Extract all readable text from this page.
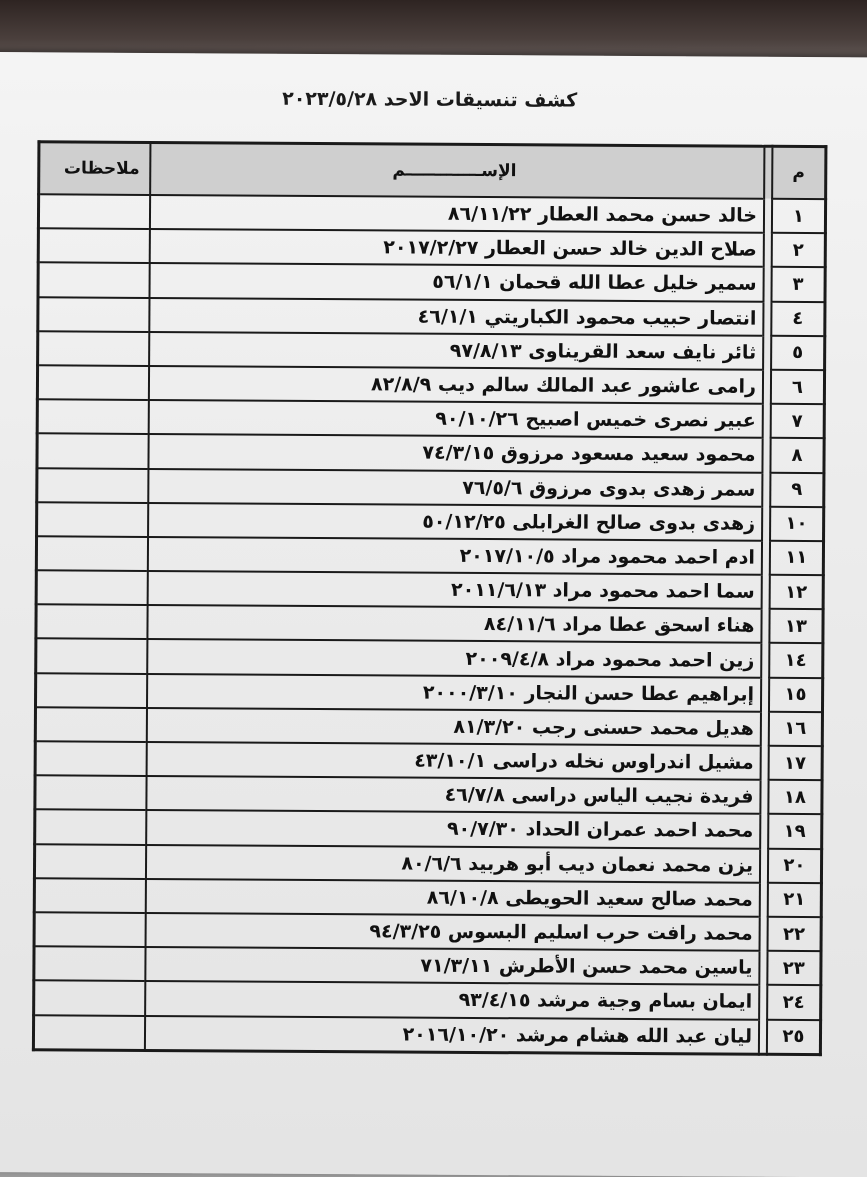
كشف تنسيقات الاحد ٢٠٢٣/٥/٢٨
م		الإســـــــــــــم	ملاحظات
١		خالد حسن محمد العطار ٨٦/١١/٢٢	
٢		صلاح الدين خالد حسن العطار ٢٠١٧/٢/٢٧	
٣		سمير خليل عطا الله قحمان ٥٦/١/١	
٤		انتصار حبيب محمود الكباريتي ٤٦/١/١	
٥		ثائر نايف سعد القريناوى ٩٧/٨/١٣	
٦		رامى عاشور عبد المالك سالم ديب ٨٢/٨/٩	
٧		عبير نصرى خميس اصبيح ٩٠/١٠/٢٦	
٨		محمود سعيد مسعود مرزوق ٧٤/٣/١٥	
٩		سمر زهدى بدوى مرزوق ٧٦/٥/٦	
١٠		زهدى بدوى صالح الغرابلى ٥٠/١٢/٢٥	
١١		ادم احمد محمود مراد ٢٠١٧/١٠/٥	
١٢		سما احمد محمود مراد ٢٠١١/٦/١٣	
١٣		هناء اسحق عطا مراد ٨٤/١١/٦	
١٤		زين احمد محمود مراد ٢٠٠٩/٤/٨	
١٥		إبراهيم عطا حسن النجار ٢٠٠٠/٣/١٠	
١٦		هديل محمد حسنى رجب ٨١/٣/٢٠	
١٧		مشيل اندراوس نخله دراسى ٤٣/١٠/١	
١٨		فريدة نجيب الياس دراسى ٤٦/٧/٨	
١٩		محمد احمد عمران الحداد ٩٠/٧/٣٠	
٢٠		يزن محمد نعمان ديب أبو هربيد ٨٠/٦/٦	
٢١		محمد صالح سعيد الحويطى ٨٦/١٠/٨	
٢٢		محمد رافت حرب اسليم البسوس ٩٤/٣/٢٥	
٢٣		ياسين محمد حسن الأطرش ٧١/٣/١١	
٢٤		ايمان بسام وجية مرشد ٩٣/٤/١٥	
٢٥		ليان عبد الله هشام مرشد ٢٠١٦/١٠/٢٠	
